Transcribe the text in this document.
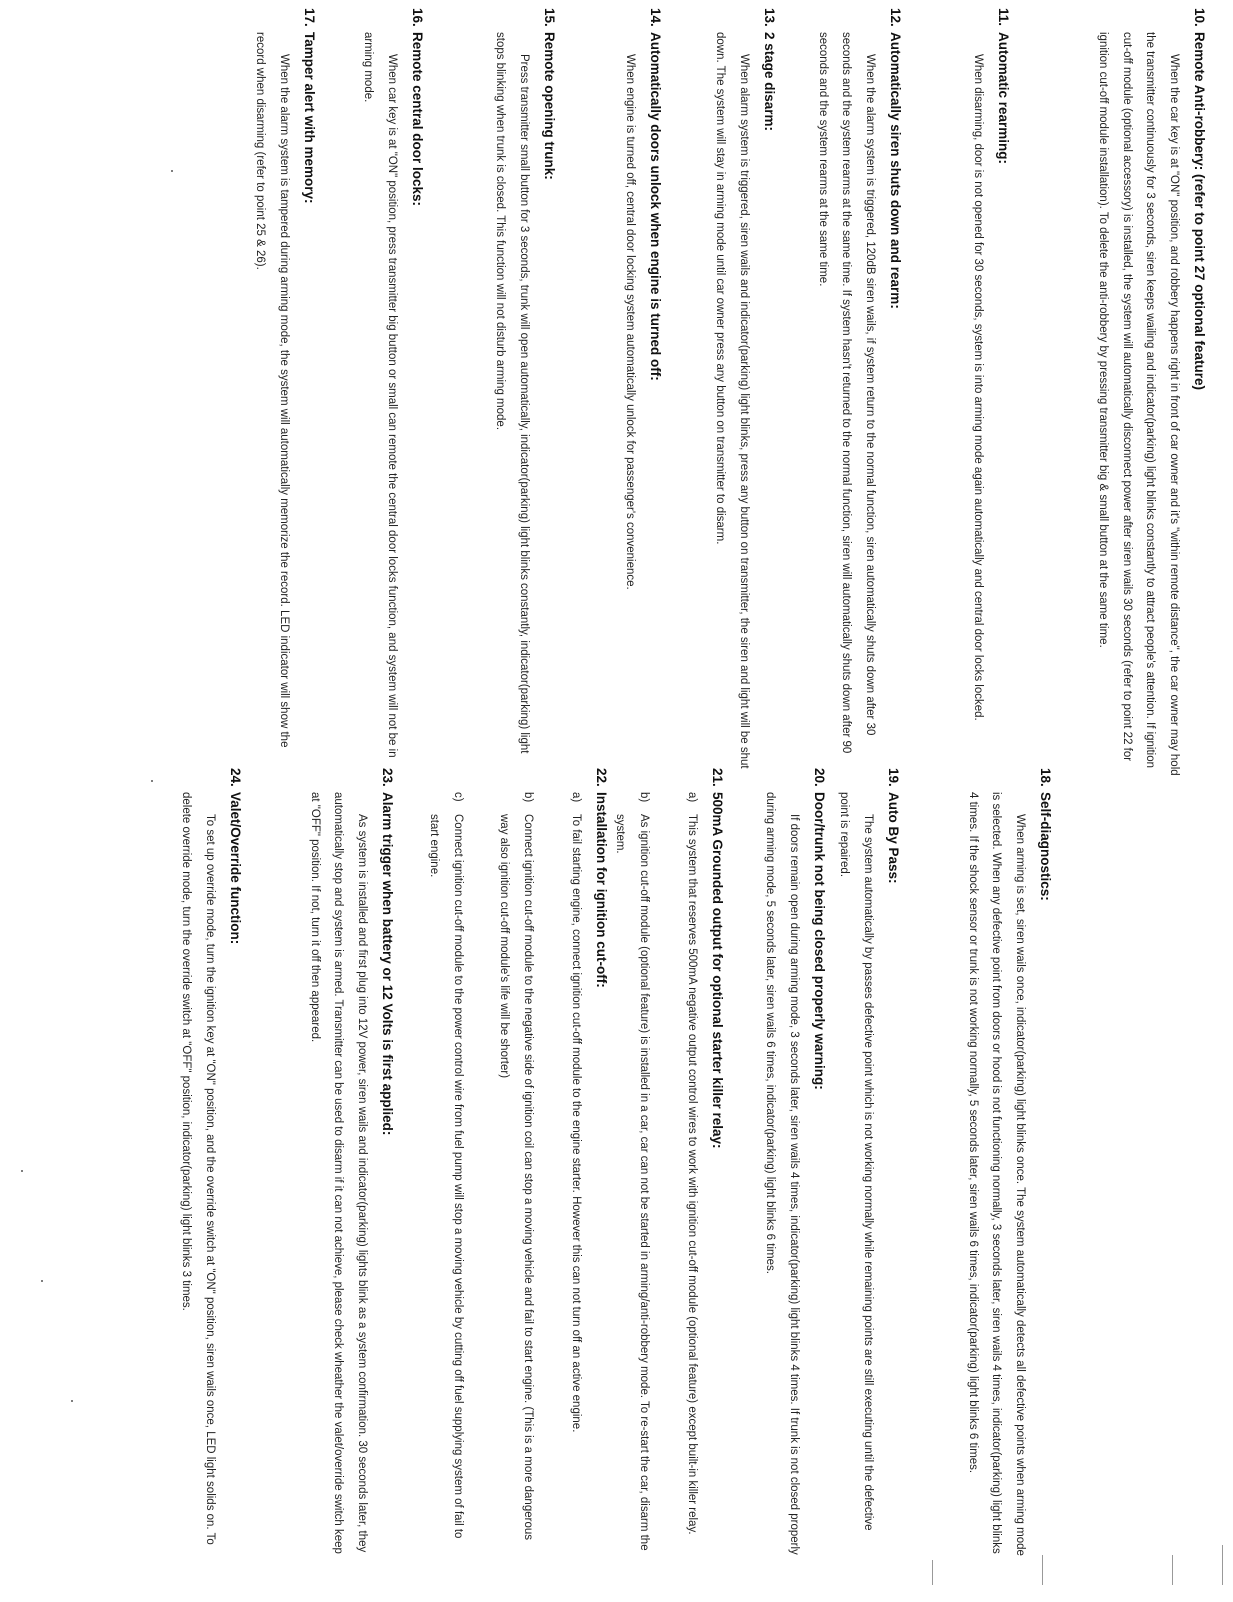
10.
Remote Anti-robbery: (refer to point 27 optional feature)

When the car key is at "ON" position, and robbery happens right in front of car owner and it's "within remote distance", the car owner may hold the transmitter continuously for 3 seconds, siren keeps wailing and indicator(parking) light blinks constantly to attract people's attention. If ignition cut-off module (optional accessory) is installed, the system will automatically disconnect power after siren wails 30 seconds (refer to point 22 for ignition cut-off module installation). To delete the anti-robbery by pressing transmitter big & small button at the same time.

11.
Automatic rearming:

When disarming, door is not opened for 30 seconds, system is into arming mode again automatically and central door locks locked.

12.
Automatically siren shuts down and rearm:

When the alarm system is triggered, 120dB siren wails, if system return to the normal function, siren automatically shuts down after 30 seconds and the system rearms at the same time. If system hasn't returned to the normal function, siren will automatically shuts down after 90 seconds and the system rearms at the same time.

13.
2 stage disarm:

When alarm system is triggered, siren wails and indicator(parking) light blinks, press any button on transmitter, the siren and light will be shut down. The system will stay in arming mode until car owner press any button on transmitter to disarm.

14.
Automatically doors unlock when engine is turned off:

When engine is turned off, central door locking system automatically unlock for passenger's convenience.

15.
Remote opening trunk:

Press transmitter small button for 3 seconds, trunk will open automatically, indicator(parking) light blinks constantly, indicator(parking) light stops blinking when trunk is closed. This function will not disturb arming mode.

16.
Remote central door locks:

When car key is at "ON" position, press transmitter big button or small can remote the central door locks function, and system will not be in arming mode.

17.
Tamper alert with memory:

When the alarm system is tampered during arming mode, the system will automatically memorize the record. LED indicator will show the record when disarming (refer to point 25 & 26).

18.
Self-diagnostics:

When arming is set, siren wails once, indicator(parking) light blinks once. The system automatically detects all defective points when arming mode is selected. When any defective point from doors or hood is not functioning normally, 3 seconds later, siren wails 4 times, indicator(parking) light blinks 4 times. If the shock sensor or trunk is not working normally, 5 seconds later, siren wails 6 times, indicator(parking) light blinks 6 times.

19.
Auto By Pass:

The system automatically by passes defective point which is not working normally while remaining points are still executing until the defective point is repaired.

20.
Door/trunk not being closed properly warning:

If doors remain open during arming mode, 3 seconds later, siren wails 4 times, indicator(parking) light blinks 4 times. If trunk is not closed properly during arming mode, 5 seconds later, siren wails 6 times, indicator(parking) light blinks 6 times.

21.
500mA Grounded output for optional starter killer relay:
a)
This system that reserves 500mA negative output control wires to work with ignition cut-off module (optional feature) except built-in killer relay.
b)
As ignition cut-off module (optional feature) is installed in a car, car can not be started in arming/anti-robbery mode. To re-start the car, disarm the system.
22.
Installation for ignition cut-off:
a)
To fail starting engine, connect ignition cut-off module to the engine starter. However this can not turn off an active engine.
b)
Connect ignition cut-off module to the negative side of ignition coil can stop a moving vehicle and fail to start engine. (This is a more dangerous way also ignition cut-off module's life will be shorter)
c)
Connect ignition cut-off module to the power control wire from fuel pump will stop a moving vehicle by cutting off fuel supplying system of fail to start engine.
23.
Alarm trigger when battery or 12 Volts is first applied:

As system is installed and first plug into 12V power, siren wails and indicator(parking) lights blink as a system confirmation. 30 seconds later, they automatically stop and system is armed. Transmitter can be used to disarm if it can not achieve, please check wheather the valet/override switch keep at "OFF" position. If not, turn it off then appeared.

24.
Valet/Override function:

To set up override mode, turn the ignition key at "ON" position, and the override switch at "ON" position, siren wails once, LED light solids on. To delete override mode, turn the override switch at "OFF" position, indicator(parking) light blinks 3 times.
